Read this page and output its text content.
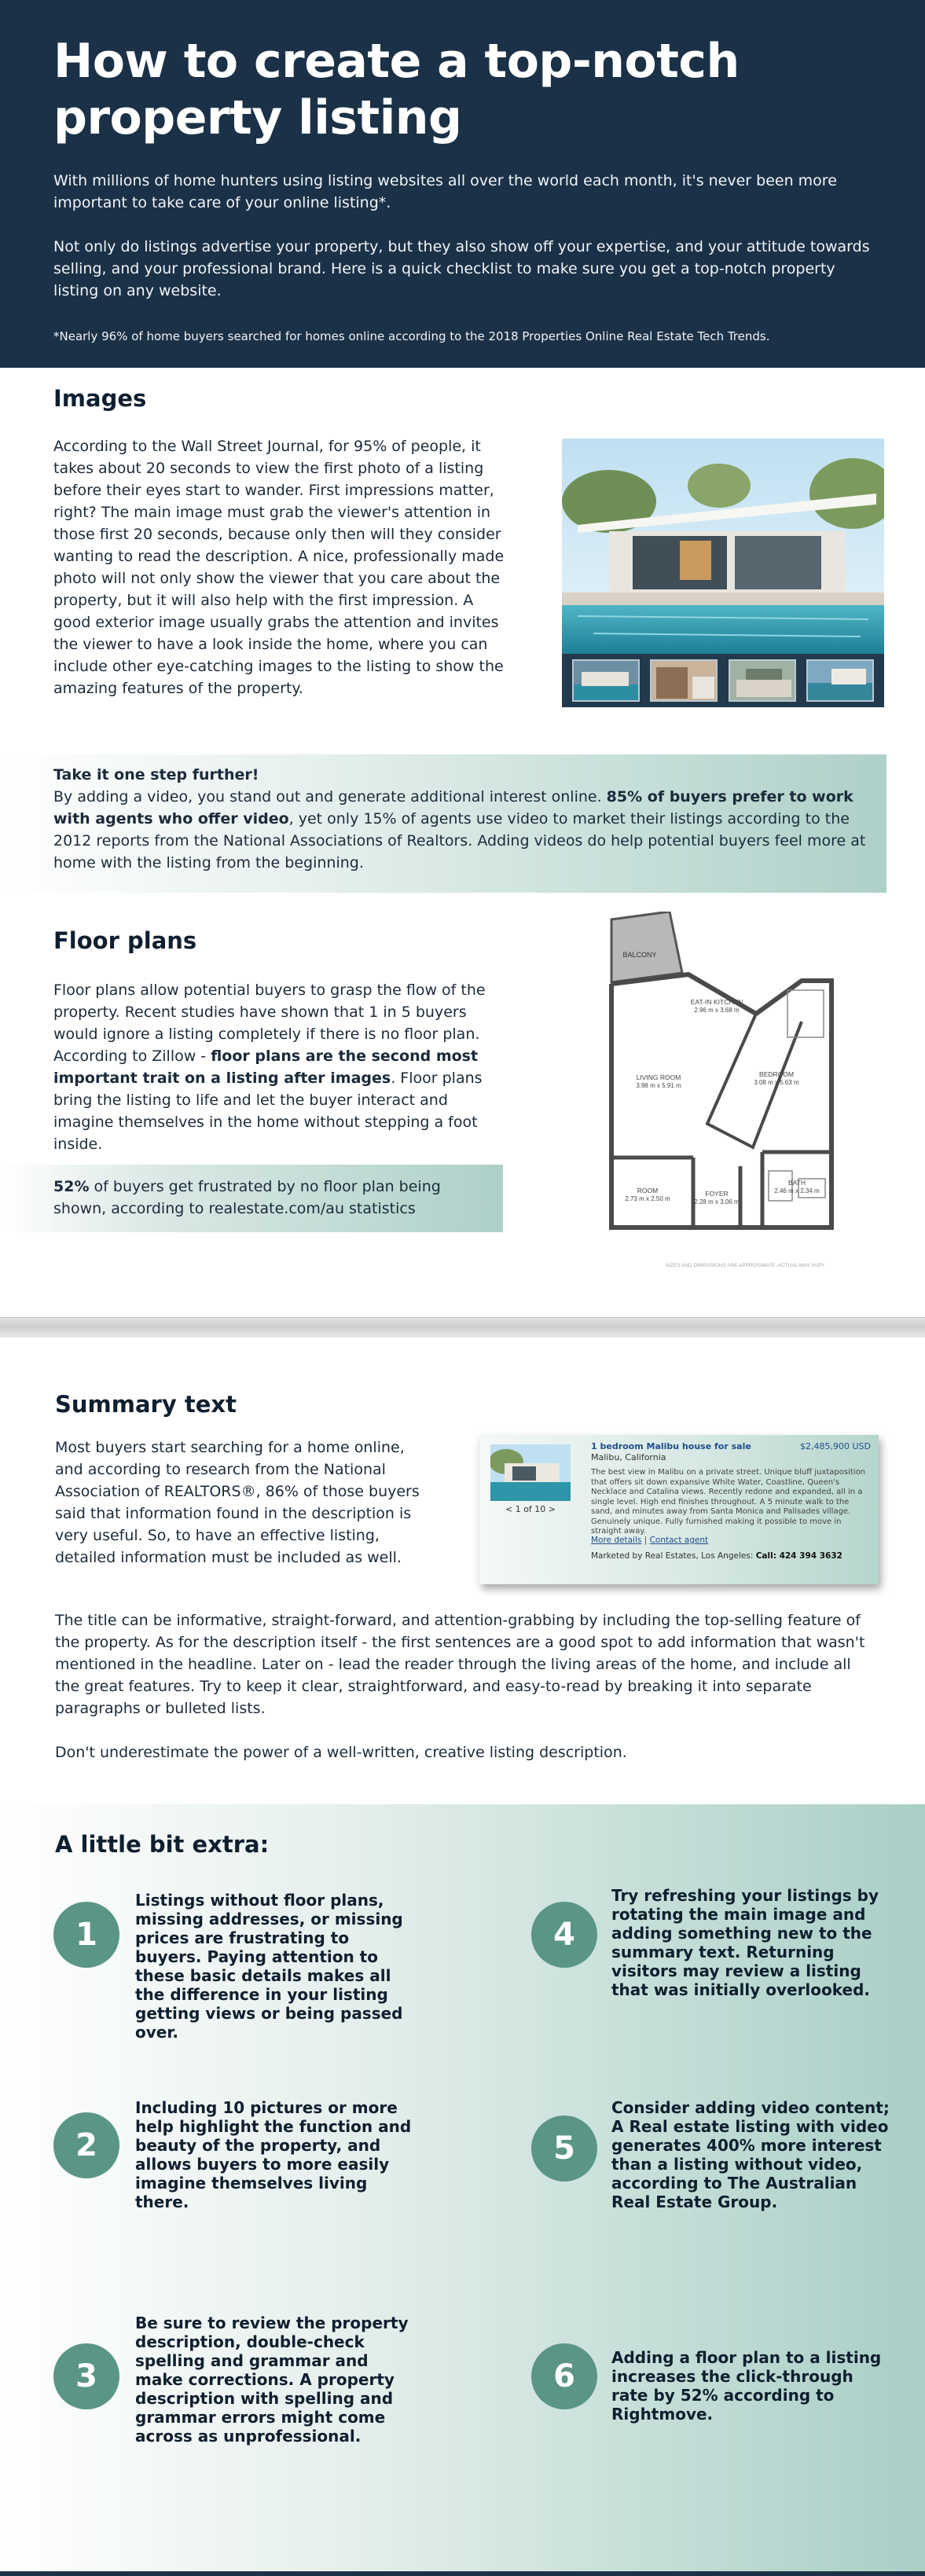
How to create a top-notch property listing

With millions of home hunters using listing websites all over the world each month, it's never been more important to take care of your online listing*.

Not only do listings advertise your property, but they also show off your expertise, and your attitude towards selling, and your professional brand. Here is a quick checklist to make sure you get a top-notch property listing on any website.

*Nearly 96% of home buyers searched for homes online according to the 2018 Properties Online Real Estate Tech Trends.

Images

According to the Wall Street Journal, for 95% of people, it takes about 20 seconds to view the first photo of a listing before their eyes start to wander. First impressions matter, right? The main image must grab the viewer's attention in those first 20 seconds, because only then will they consider wanting to read the description. A nice, professionally made photo will not only show the viewer that you care about the property, but it will also help with the first impression. A good exterior image usually grabs the attention and invites the viewer to have a look inside the home, where you can include other eye-catching images to the listing to show the amazing features of the property.

Take it one step further!
By adding a video, you stand out and generate additional interest online. 85% of buyers prefer to work with agents who offer video, yet only 15% of agents use video to market their listings according to the 2012 reports from the National Associations of Realtors. Adding videos do help potential buyers feel more at home with the listing from the beginning.
Floor plans

Floor plans allow potential buyers to grasp the flow of the property. Recent studies have shown that 1 in 5 buyers would ignore a listing completely if there is no floor plan. According to Zillow - floor plans are the second most important trait on a listing after images. Floor plans bring the listing to life and let the buyer interact and imagine themselves in the home without stepping a foot inside.

52% of buyers get frustrated by no floor plan being shown, according to realestate.com/au statistics
BALCONY
EAT-IN KITCHEN
2.96 m x 3.68 m
LIVING ROOM
3.98 m x 5.91 m
BEDROOM
3.08 m x 5.63 m
ROOM
2.73 m x 2.50 m
FOYER
2.28 m x 3.06 m
BATH
2.46 m x 2.34 m
SIZES AND DIMENSIONS ARE APPROXIMATE, ACTUAL MAY VARY
Summary text

Most buyers start searching for a home online, and according to research from the National Association of REALTORS®, 86% of those buyers said that information found in the description is very useful. So, to have an effective listing, detailed information must be included as well.

< 1 of 10 >
1 bedroom Malibu house for sale	$2,485,900 USD
Malibu, California
The best view in Malibu on a private street. Unique bluff juxtaposition that offers sit down expansive White Water, Coastline, Queen's Necklace and Catalina views. Recently redone and expanded, all in a single level. High end finishes throughout. A 5 minute walk to the sand, and minutes away from Santa Monica and Palisades village. Genuinely unique. Fully furnished making it possible to move in straight away.
More details | Contact agent
Marketed by Real Estates, Los Angeles: Call: 424 394 3632

The title can be informative, straight-forward, and attention-grabbing by including the top-selling feature of the property. As for the description itself - the first sentences are a good spot to add information that wasn't mentioned in the headline. Later on - lead the reader through the living areas of the home, and include all the great features. Try to keep it clear, straightforward, and easy-to-read by breaking it into separate paragraphs or bulleted lists.

Don't underestimate the power of a well-written, creative listing description.

A little bit extra:
1

Listings without floor plans, missing addresses, or missing prices are frustrating to buyers. Paying attention to these basic details makes all the difference in your listing getting views or being passed over.

2

Including 10 pictures or more help highlight the function and beauty of the property, and allows buyers to more easily imagine themselves living there.

3

Be sure to review the property description, double-check spelling and grammar and make corrections. A property description with spelling and grammar errors might come across as unprofessional.

4

Try refreshing your listings by rotating the main image and adding something new to the summary text. Returning visitors may review a listing that was initially overlooked.

5

Consider adding video content; A Real estate listing with video generates 400% more interest than a listing without video, according to The Australian Real Estate Group.

6

Adding a floor plan to a listing increases the click-through rate by 52% according to Rightmove.
